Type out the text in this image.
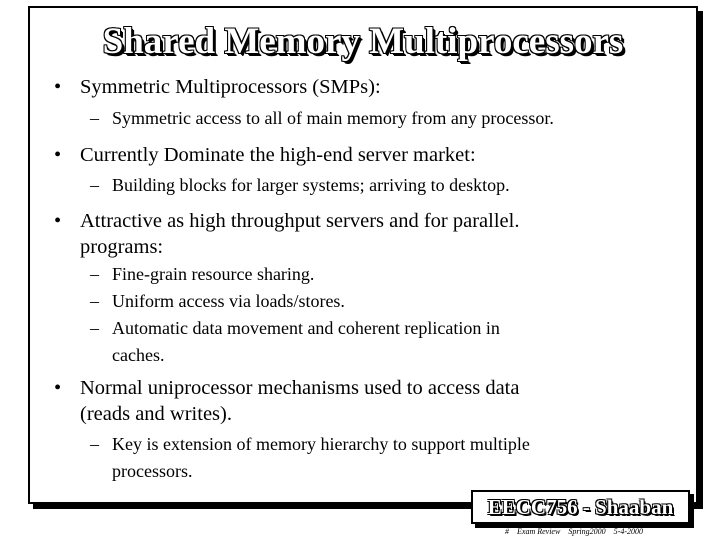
Shared Memory Multiprocessors
• Symmetric Multiprocessors (SMPs):
– Symmetric access to all of main memory from any processor.
• Currently Dominate the high-end server market:
– Building blocks for larger systems; arriving to desktop.
• Attractive as high throughput servers and for parallel.
programs:
– Fine-grain resource sharing.
– Uniform access via loads/stores.
– Automatic data movement and coherent replication in
caches.
• Normal uniprocessor mechanisms used to access data
(reads and writes).
– Key is extension of memory hierarchy to support multiple
processors.
EECC756 - Shaaban
# Exam Review Spring2000 5-4-2000
